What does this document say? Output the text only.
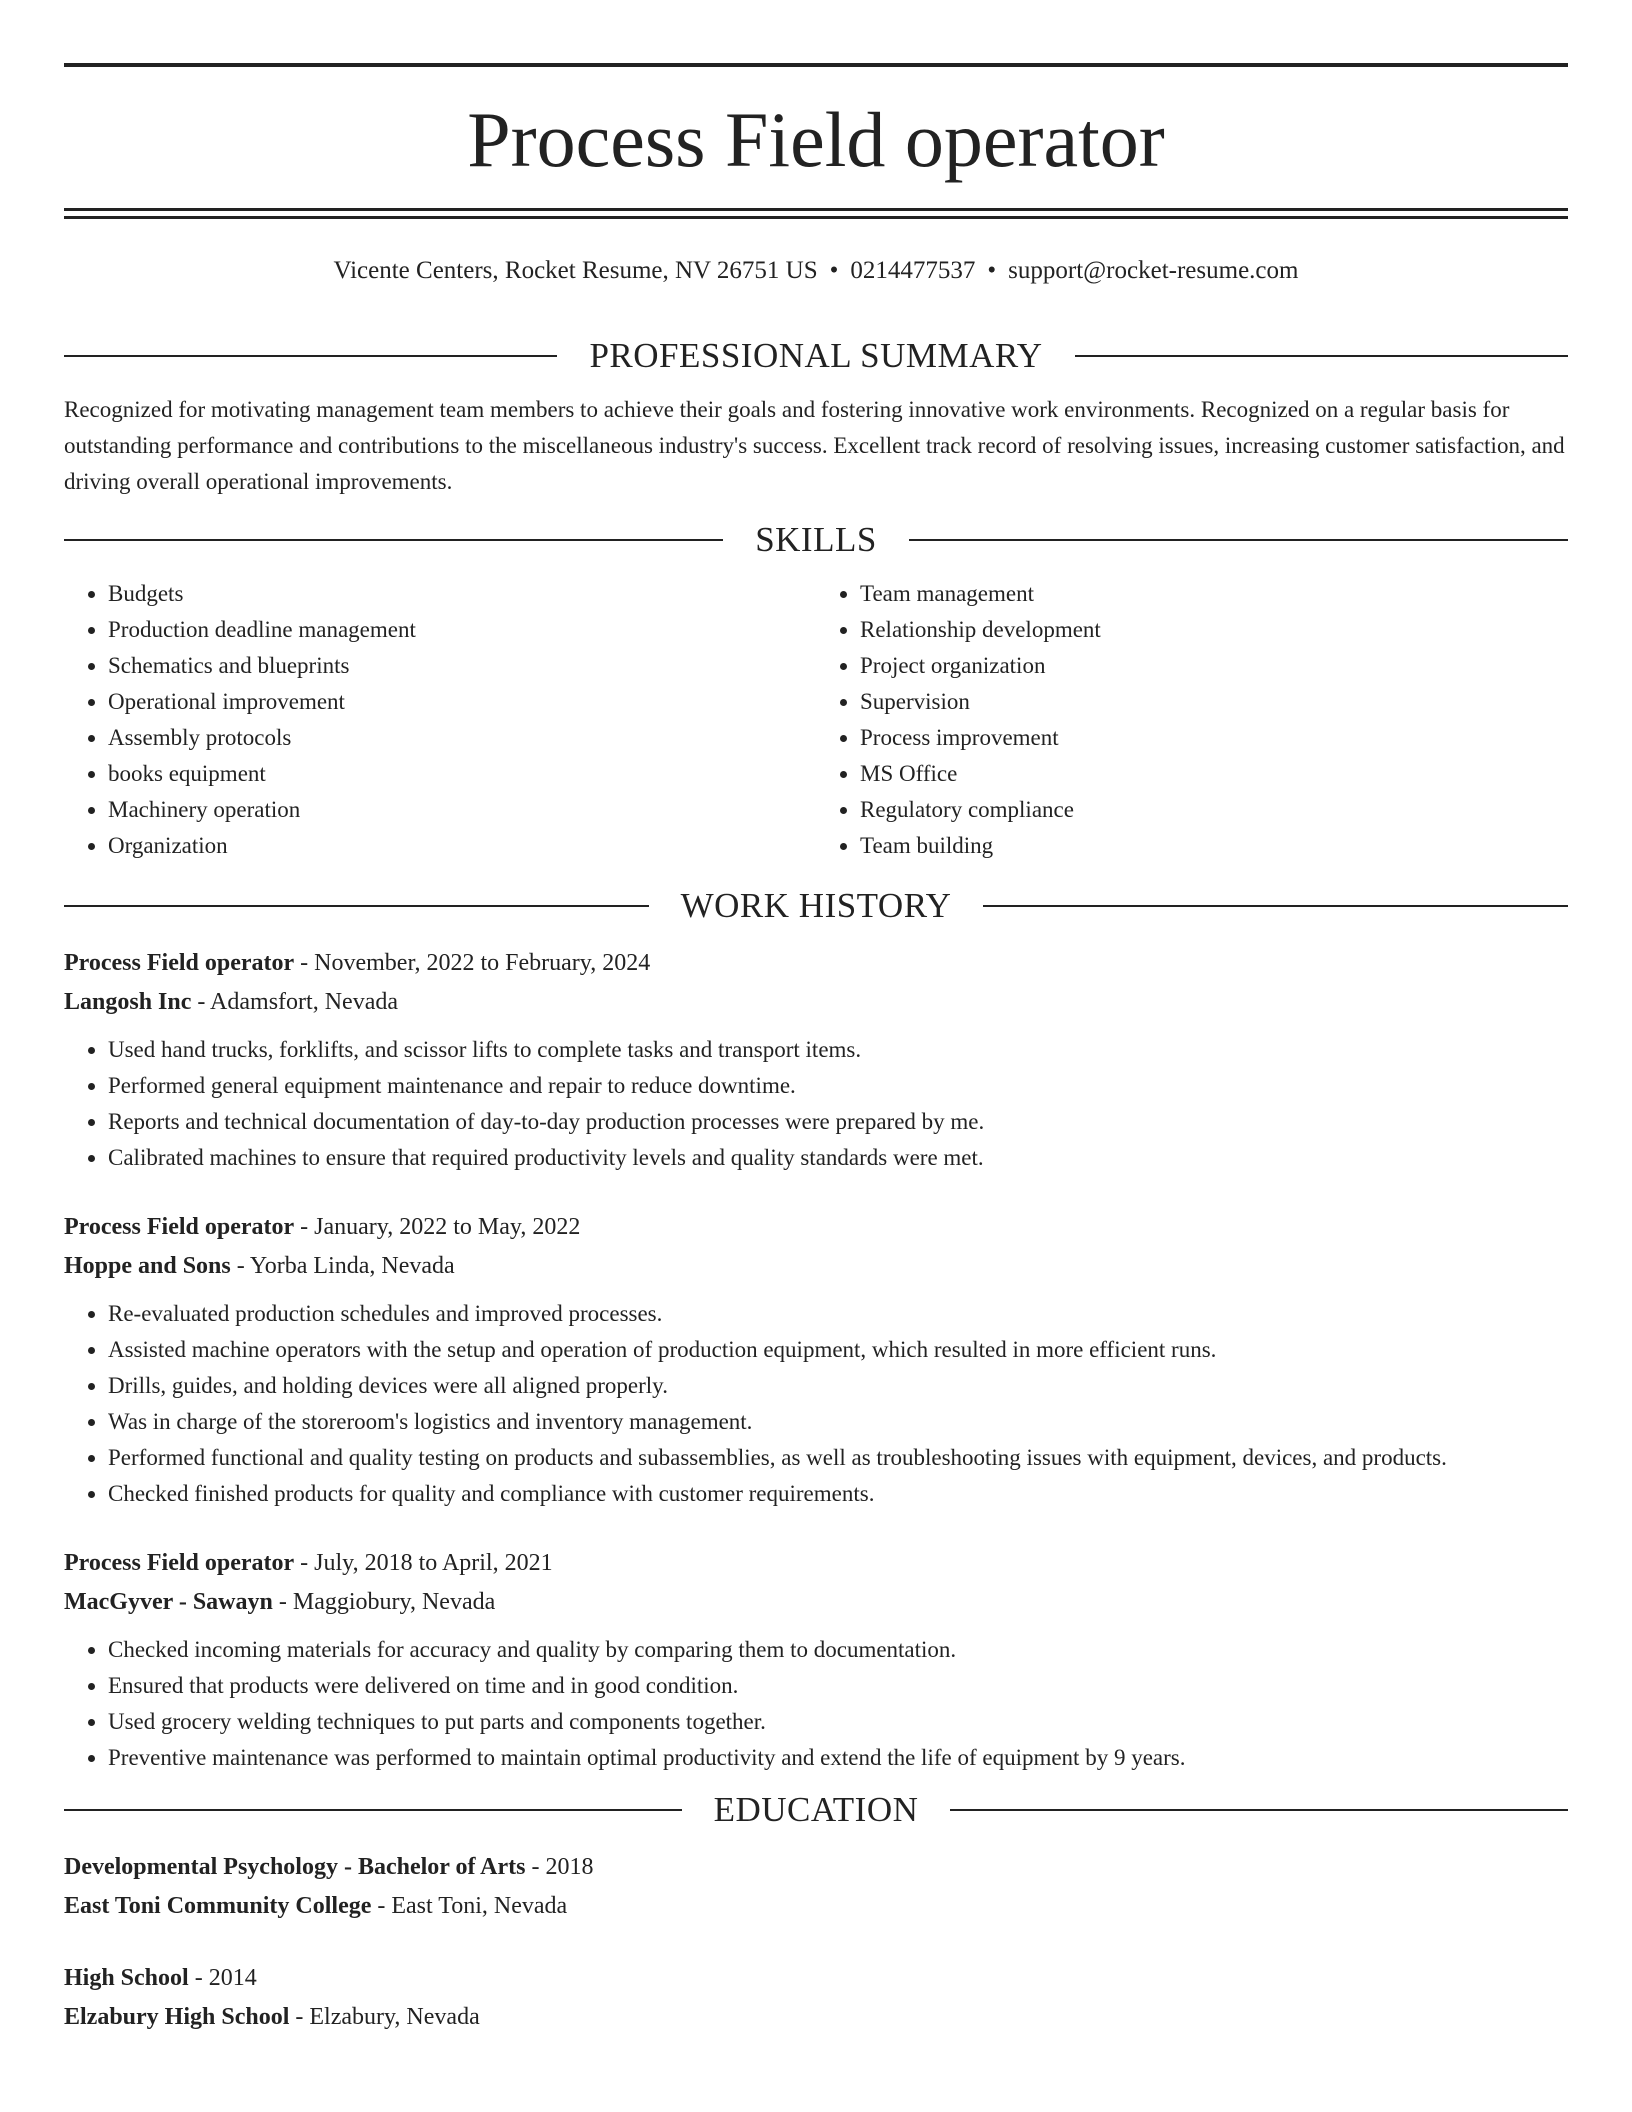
Process Field operator
Vicente Centers, Rocket Resume, NV 26751 US • 0214477537 • support@rocket-resume.com
PROFESSIONAL SUMMARY

Recognized for motivating management team members to achieve their goals and fostering innovative work environments. Recognized on a regular basis for outstanding performance and contributions to the miscellaneous industry's success. Excellent track record of resolving issues, increasing customer satisfaction, and driving overall operational improvements.

SKILLS
• Budgets
• Production deadline management
• Schematics and blueprints
• Operational improvement
• Assembly protocols
• books equipment
• Machinery operation
• Organization
• Team management
• Relationship development
• Project organization
• Supervision
• Process improvement
• MS Office
• Regulatory compliance
• Team building
WORK HISTORY

Process Field operator - November, 2022 to February, 2024

Langosh Inc - Adamsfort, Nevada

• Used hand trucks, forklifts, and scissor lifts to complete tasks and transport items.
• Performed general equipment maintenance and repair to reduce downtime.
• Reports and technical documentation of day-to-day production processes were prepared by me.
• Calibrated machines to ensure that required productivity levels and quality standards were met.

Process Field operator - January, 2022 to May, 2022

Hoppe and Sons - Yorba Linda, Nevada

• Re-evaluated production schedules and improved processes.
• Assisted machine operators with the setup and operation of production equipment, which resulted in more efficient runs.
• Drills, guides, and holding devices were all aligned properly.
• Was in charge of the storeroom's logistics and inventory management.
• Performed functional and quality testing on products and subassemblies, as well as troubleshooting issues with equipment, devices, and products.
• Checked finished products for quality and compliance with customer requirements.

Process Field operator - July, 2018 to April, 2021

MacGyver - Sawayn - Maggiobury, Nevada

• Checked incoming materials for accuracy and quality by comparing them to documentation.
• Ensured that products were delivered on time and in good condition.
• Used grocery welding techniques to put parts and components together.
• Preventive maintenance was performed to maintain optimal productivity and extend the life of equipment by 9 years.
EDUCATION

Developmental Psychology - Bachelor of Arts - 2018

East Toni Community College - East Toni, Nevada

High School - 2014

Elzabury High School - Elzabury, Nevada
